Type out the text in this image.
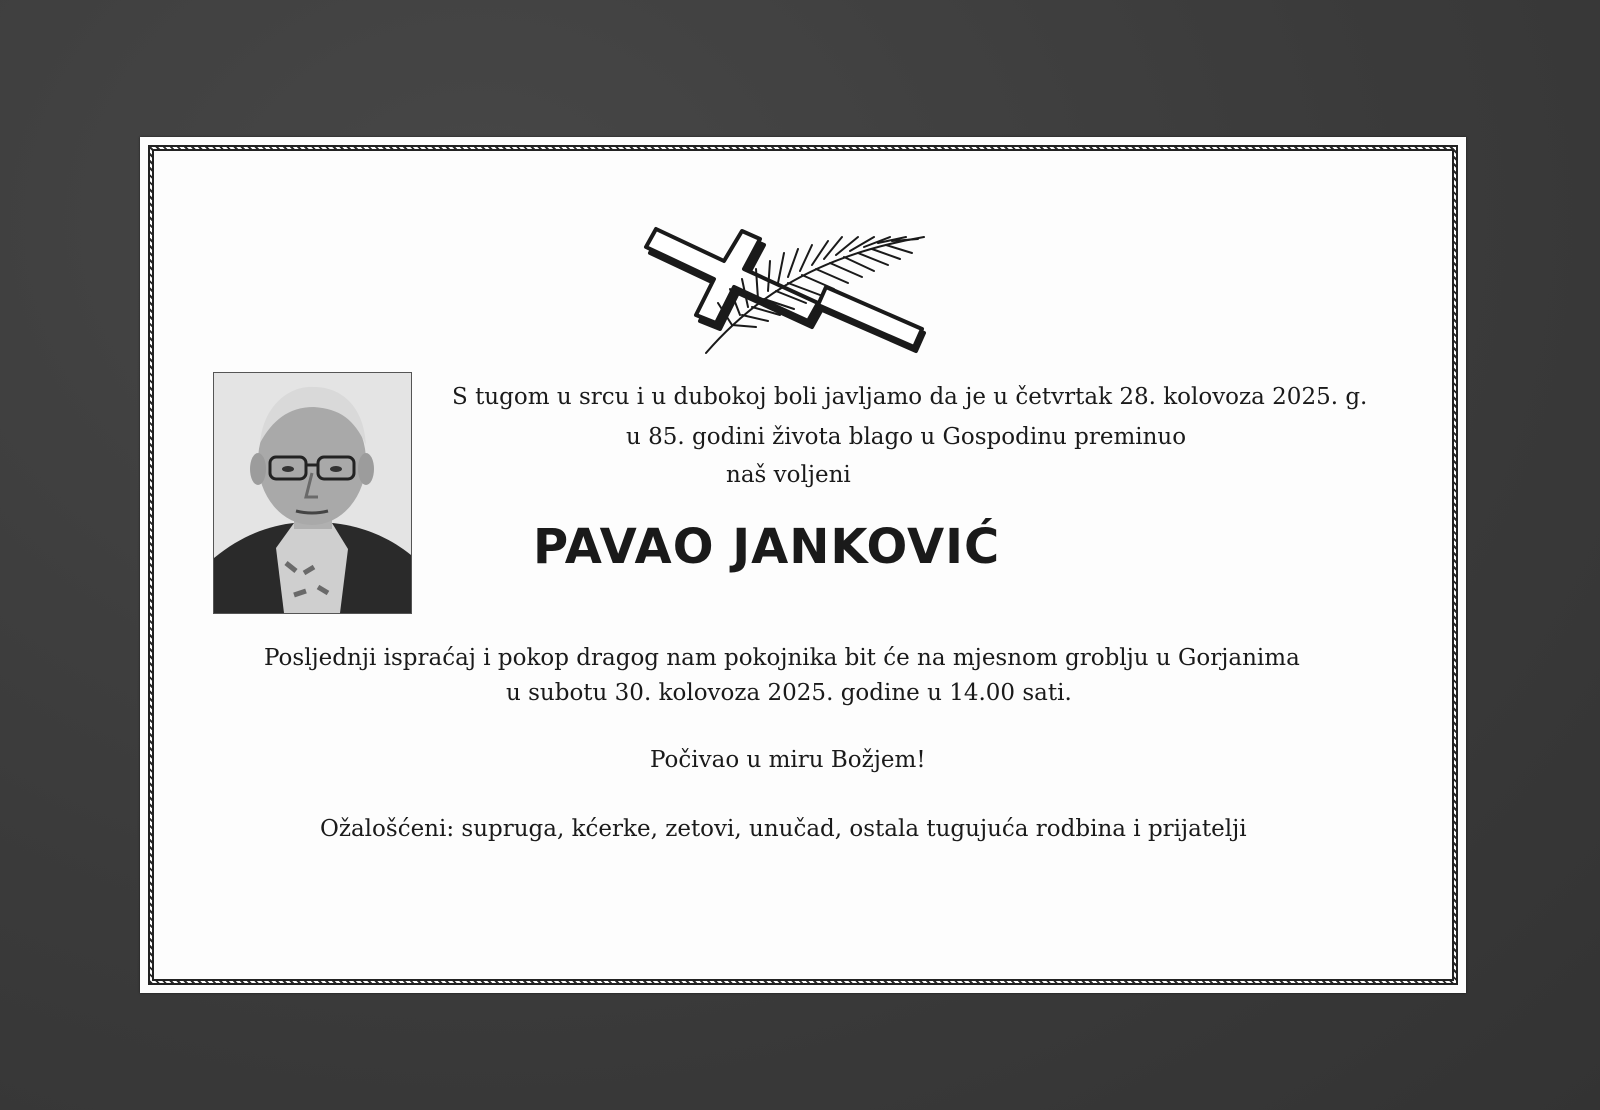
S tugom u srcu i u dubokoj boli javljamo da je u četvrtak 28. kolovoza 2025. g.

u 85. godini života blago u Gospodinu preminuo

naš voljeni

PAVAO JANKOVIĆ

Posljednji ispraćaj i pokop dragog nam pokojnika bit će na mjesnom groblju u Gorjanima

u subotu 30. kolovoza 2025. godine u 14.00 sati.

Počivao u miru Božjem!

Ožalošćeni: supruga, kćerke, zetovi, unučad, ostala tugujuća rodbina i prijatelji
